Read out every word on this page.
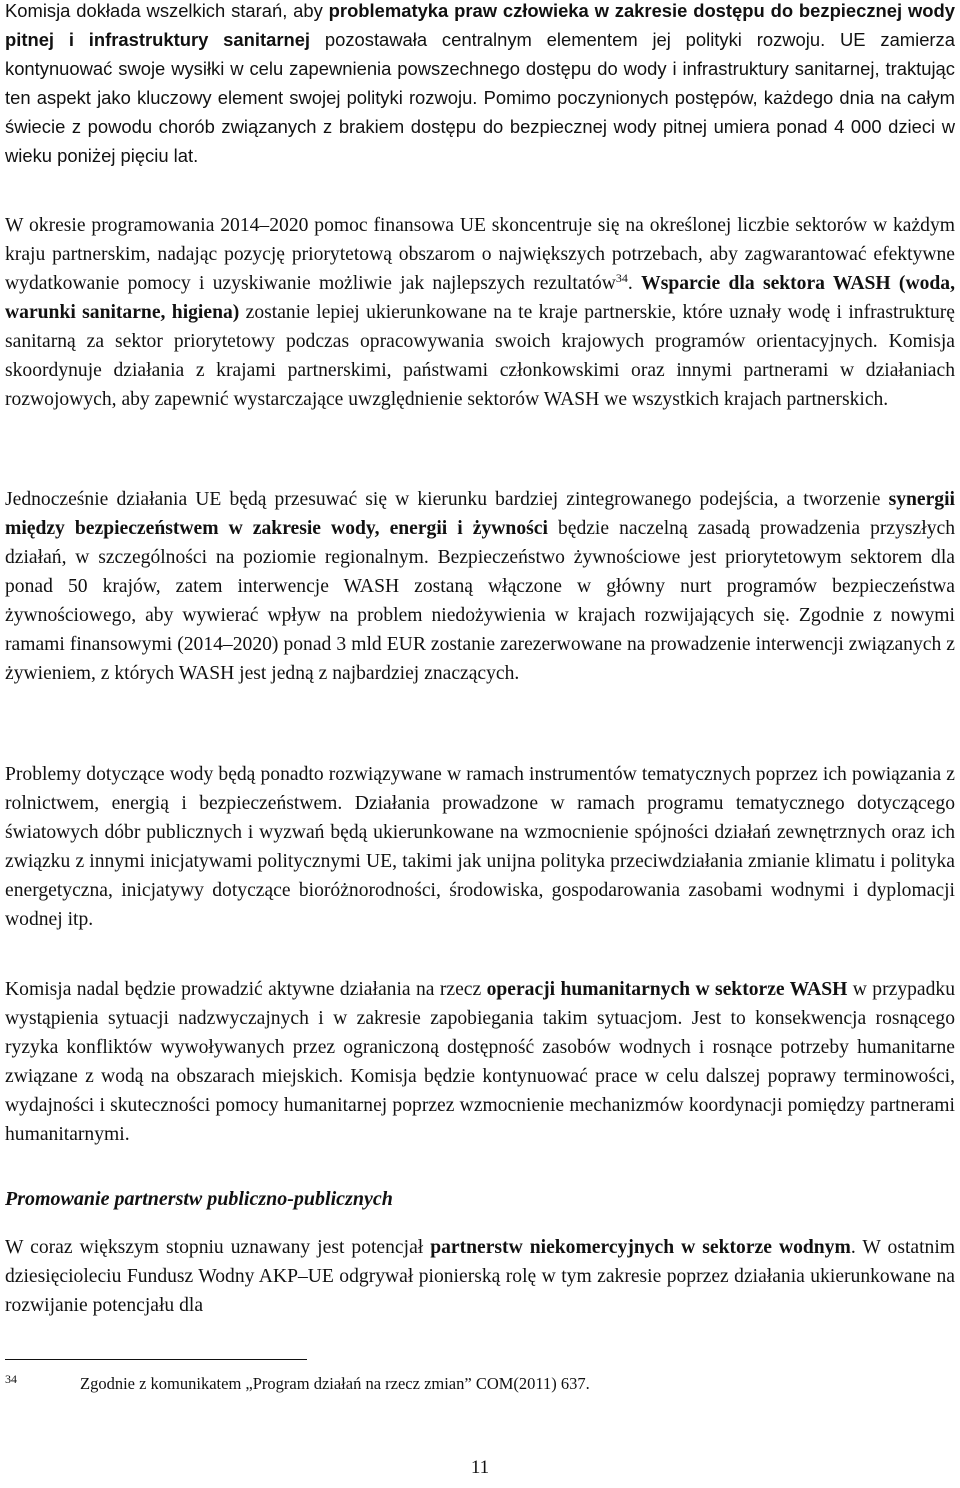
Komisja dokłada wszelkich starań, aby problematyka praw człowieka w zakresie dostępu do bezpiecznej wody pitnej i infrastruktury sanitarnej pozostawała centralnym elementem jej polityki rozwoju. UE zamierza kontynuować swoje wysiłki w celu zapewnienia powszechnego dostępu do wody i infrastruktury sanitarnej, traktując ten aspekt jako kluczowy element swojej polityki rozwoju. Pomimo poczynionych postępów, każdego dnia na całym świecie z powodu chorób związanych z brakiem dostępu do bezpiecznej wody pitnej umiera ponad 4 000 dzieci w wieku poniżej pięciu lat.

W okresie programowania 2014–2020 pomoc finansowa UE skoncentruje się na określonej liczbie sektorów w każdym kraju partnerskim, nadając pozycję priorytetową obszarom o największych potrzebach, aby zagwarantować efektywne wydatkowanie pomocy i uzyskiwanie możliwie jak najlepszych rezultatów$^{34}$. Wsparcie dla sektora WASH (woda, warunki sanitarne, higiena) zostanie lepiej ukierunkowane na te kraje partnerskie, które uznały wodę i infrastrukturę sanitarną za sektor priorytetowy podczas opracowywania swoich krajowych programów orientacyjnych. Komisja skoordynuje działania z krajami partnerskimi, państwami członkowskimi oraz innymi partnerami w działaniach rozwojowych, aby zapewnić wystarczające uwzględnienie sektorów WASH we wszystkich krajach partnerskich.

Jednocześnie działania UE będą przesuwać się w kierunku bardziej zintegrowanego podejścia, a tworzenie synergii między bezpieczeństwem w zakresie wody, energii i żywności będzie naczelną zasadą prowadzenia przyszłych działań, w szczególności na poziomie regionalnym. Bezpieczeństwo żywnościowe jest priorytetowym sektorem dla ponad 50 krajów, zatem interwencje WASH zostaną włączone w główny nurt programów bezpieczeństwa żywnościowego, aby wywierać wpływ na problem niedożywienia w krajach rozwijających się. Zgodnie z nowymi ramami finansowymi (2014–2020) ponad 3 mld EUR zostanie zarezerwowane na prowadzenie interwencji związanych z żywieniem, z których WASH jest jedną z najbardziej znaczących.

Problemy dotyczące wody będą ponadto rozwiązywane w ramach instrumentów tematycznych poprzez ich powiązania z rolnictwem, energią i bezpieczeństwem. Działania prowadzone w ramach programu tematycznego dotyczącego światowych dóbr publicznych i wyzwań będą ukierunkowane na wzmocnienie spójności działań zewnętrznych oraz ich związku z innymi inicjatywami politycznymi UE, takimi jak unijna polityka przeciwdziałania zmianie klimatu i polityka energetyczna, inicjatywy dotyczące bioróżnorodności, środowiska, gospodarowania zasobami wodnymi i dyplomacji wodnej itp.

Komisja nadal będzie prowadzić aktywne działania na rzecz operacji humanitarnych w sektorze WASH w przypadku wystąpienia sytuacji nadzwyczajnych i w zakresie zapobiegania takim sytuacjom. Jest to konsekwencja rosnącego ryzyka konfliktów wywoływanych przez ograniczoną dostępność zasobów wodnych i rosnące potrzeby humanitarne związane z wodą na obszarach miejskich. Komisja będzie kontynuować prace w celu dalszej poprawy terminowości, wydajności i skuteczności pomocy humanitarnej poprzez wzmocnienie mechanizmów koordynacji pomiędzy partnerami humanitarnymi.

Promowanie partnerstw publiczno-publicznych

W coraz większym stopniu uznawany jest potencjał partnerstw niekomercyjnych w sektorze wodnym. W ostatnim dziesięcioleciu Fundusz Wodny AKP–UE odgrywał pionierską rolę w tym zakresie poprzez działania ukierunkowane na rozwijanie potencjału dla

34	Zgodnie z komunikatem „Program działań na rzecz zmian” COM(2011) 637.
11
